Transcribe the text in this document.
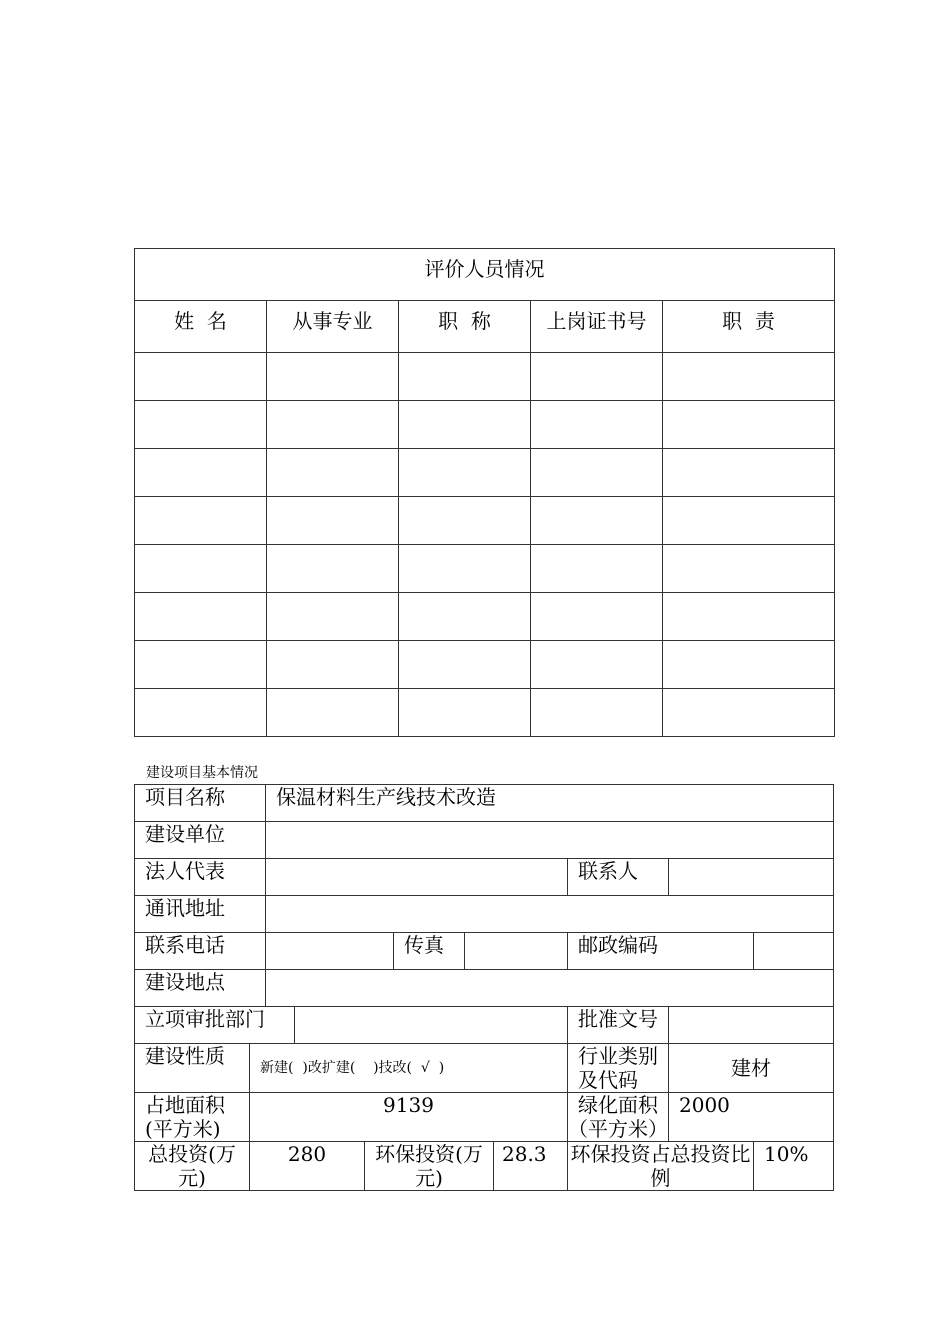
评价人员情况				
姓  名	从事专业	职  称	上岗证书号	职  责

建设项目基本情况
项目名称		保温材料生产线技术改造								
建设单位										
法人代表								联系人		
通讯地址										
联系电话					传真			邮政编码		
建设地点										
立项审批部门								批准文号		
建设性质	新建(  )改扩建(    )技改(  √  )							行业类别及代码	建材	
占地面积(平方米)	9139							绿化面积（平方米）	2000	
总投资(万元)	280			环保投资(万元)			28.3	环保投资占总投资比例		10%
